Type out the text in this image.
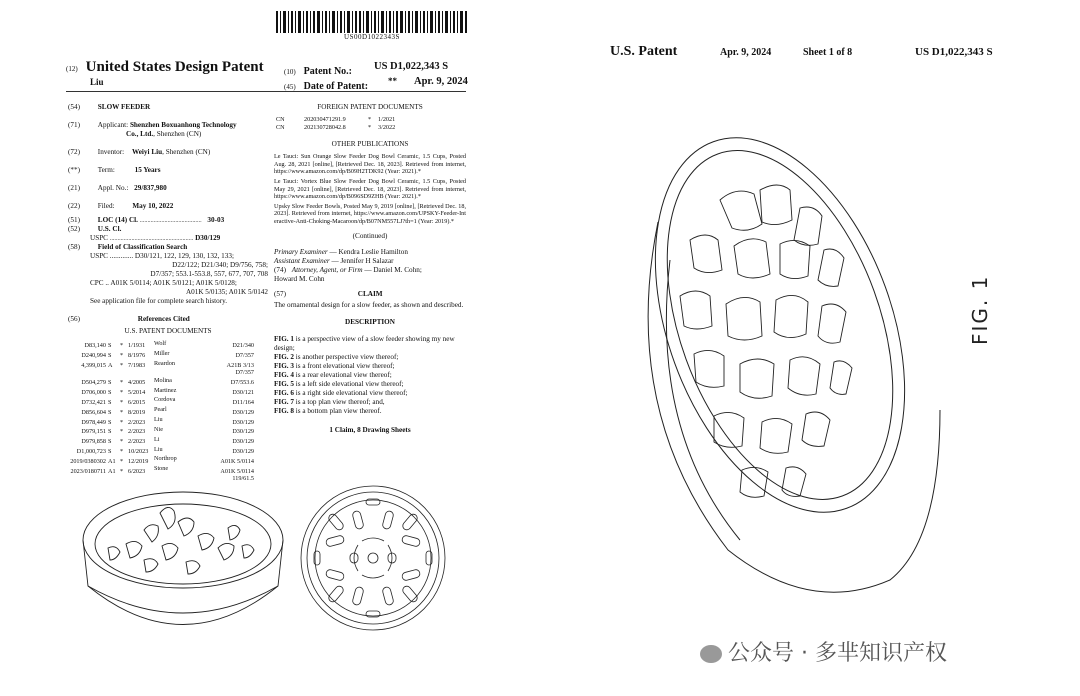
US00D1022343S
(12) United States Design Patent
Liu
(10) Patent No.: US D1,022,343 S
(45) Date of Patent: ** Apr. 9, 2024
(54) SLOW FEEDER
(71) Applicant: Shenzhen Boxuanhong Technology
Co., Ltd., Shenzhen (CN)
(72) Inventor: Weiyi Liu, Shenzhen (CN)
(**) Term:	15 Years
(21) Appl. No.: 29/837,980
(22) Filed: May 10, 2022
(51) LOC (14) Cl. ........................................ 30-03
(52) U.S. Cl.
USPC ...................................................... D30/129
(58) Field of Classification Search
USPC ............. D30/121, 122, 129, 130, 132, 133;
D22/122; D21/340; D9/756, 758;
D7/357; 553.1-553.8, 557, 677, 707, 708
CPC .. A01K 5/0114; A01K 5/0121; A01K 5/0128;
A01K 5/0135; A01K 5/0142
See application file for complete search history.
(56)	References Cited
U.S. PATENT DOCUMENTS
D83,140 S * 1/1931 Wolf	D21/340
D240,994 S * 8/1976 Miller	D7/357
4,399,015 A * 7/1983 Reardon	A21B 3/13
D7/357
D504,279 S * 4/2005 Molina	D7/553.6
D706,000 S * 5/2014 Martinez	D30/121
D732,421 S * 6/2015 Cordova	D11/164
D856,604 S * 8/2019 Pearl	D30/129
D978,449 S * 2/2023 Liu	D30/129
D979,151 S * 2/2023 Nie	D30/129
D979,858 S * 2/2023 Li	D30/129
D1,000,723 S * 10/2023 Liu	D30/129
2019/0380302 A1 * 12/2019 Northrop	A01K 5/0114
2023/0180711 A1 * 6/2023 Stone	A01K 5/0114
119/61.5
FOREIGN PATENT DOCUMENTS
CN	202030471291.9	* 1/2021
CN	202130728042.8	* 3/2022
OTHER PUBLICATIONS
Le Tauci: Sun Orange Slow Feeder Dog Bowl Ceramic, 1.5 Cups, Posted Aug. 28, 2021 [online], [Retrieved Dec. 18, 2023]. Retrieved from internet, https://www.amazon.com/dp/B09H2TDK92 (Year: 2021).*
Le Tauci: Vortex Blue Slow Feeder Dog Bowl Ceramic, 1.5 Cups, Posted May 29, 2021 [online], [Retrieved Dec. 18, 2023]. Retrieved from internet, https://www.amazon.com/dp/B096SD9ZHB (Year: 2021).*
Upsky Slow Feeder Bowls, Posted May 9, 2019 [online], [Retrieved Dec. 18, 2023]. Retrieved from internet, https://www.amazon.com/UPSKY-Feeder-Interactive-Anti-Choking-Macaroon/dp/B07NM557LJ?th=1 (Year: 2019).*
(Continued)
Primary Examiner — Kendra Leslie Hamilton
Assistant Examiner — Jennifer H Salazar
(74) Attorney, Agent, or Firm — Daniel M. Cohn;
Howard M. Cohn
(57)	CLAIM
The ornamental design for a slow feeder, as shown and described.
DESCRIPTION
FIG. 1 is a perspective view of a slow feeder showing my new design;
FIG. 2 is another perspective view thereof;
FIG. 3 is a front elevational view thereof;
FIG. 4 is a rear elevational view thereof;
FIG. 5 is a left side elevational view thereof;
FIG. 6 is a right side elevational view thereof;
FIG. 7 is a top plan view thereof; and,
FIG. 8 is a bottom plan view thereof.
1 Claim, 8 Drawing Sheets
U.S. Patent	Apr. 9, 2024	Sheet 1 of 8	US D1,022,343 S
FIG. 1
公众号 · 多芈知识产权
